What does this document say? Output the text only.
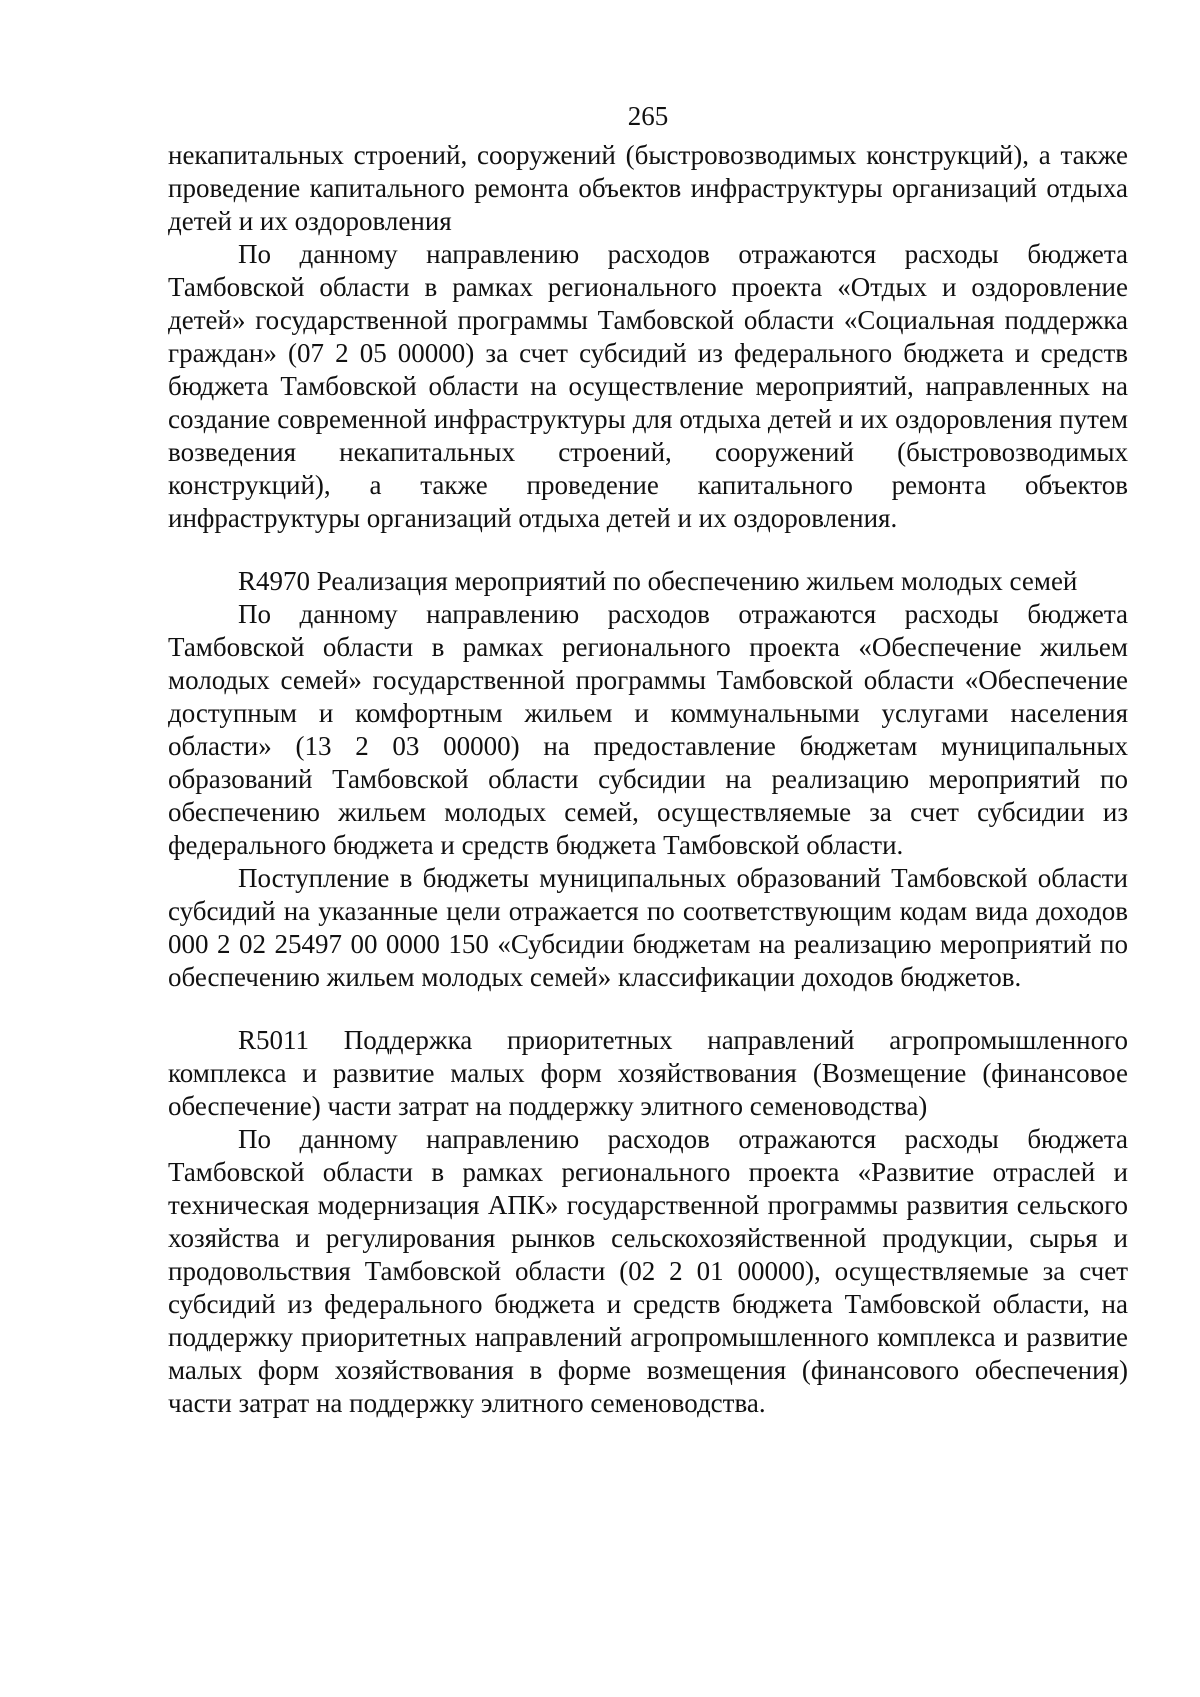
265

некапитальных строений, сооружений (быстровозводимых конструкций), а также проведение капитального ремонта объектов инфраструктуры организаций отдыха детей и их оздоровления

По данному направлению расходов отражаются расходы бюджета Тамбовской области в рамках регионального проекта «Отдых и оздоровление детей» государственной программы Тамбовской области «Социальная поддержка граждан» (07 2 05 00000) за счет субсидий из федерального бюджета и средств бюджета Тамбовской области на осуществление мероприятий, направленных на создание современной инфраструктуры для отдыха детей и их оздоровления путем возведения некапитальных строений, сооружений (быстровозводимых конструкций), а также проведение капитального ремонта объектов инфраструктуры организаций отдыха детей и их оздоровления.

R4970 Реализация мероприятий по обеспечению жильем молодых семей

По данному направлению расходов отражаются расходы бюджета Тамбовской области в рамках регионального проекта «Обеспечение жильем молодых семей» государственной программы Тамбовской области «Обеспечение доступным и комфортным жильем и коммунальными услугами населения области» (13 2 03 00000) на предоставление бюджетам муниципальных образований Тамбовской области субсидии на реализацию мероприятий по обеспечению жильем молодых семей, осуществляемые за счет субсидии из федерального бюджета и средств бюджета Тамбовской области.

Поступление в бюджеты муниципальных образований Тамбовской области субсидий на указанные цели отражается по соответствующим кодам вида доходов 000 2 02 25497 00 0000 150 «Субсидии бюджетам на реализацию мероприятий по обеспечению жильем молодых семей» классификации доходов бюджетов.

R5011 Поддержка приоритетных направлений агропромышленного комплекса и развитие малых форм хозяйствования (Возмещение (финансовое обеспечение) части затрат на поддержку элитного семеноводства)

По данному направлению расходов отражаются расходы бюджета Тамбовской области в рамках регионального проекта «Развитие отраслей и техническая модернизация АПК» государственной программы развития сельского хозяйства и регулирования рынков сельскохозяйственной продукции, сырья и продовольствия Тамбовской области (02 2 01 00000), осуществляемые за счет субсидий из федерального бюджета и средств бюджета Тамбовской области, на поддержку приоритетных направлений агропромышленного комплекса и развитие малых форм хозяйствования в форме возмещения (финансового обеспечения) части затрат на поддержку элитного семеноводства.
